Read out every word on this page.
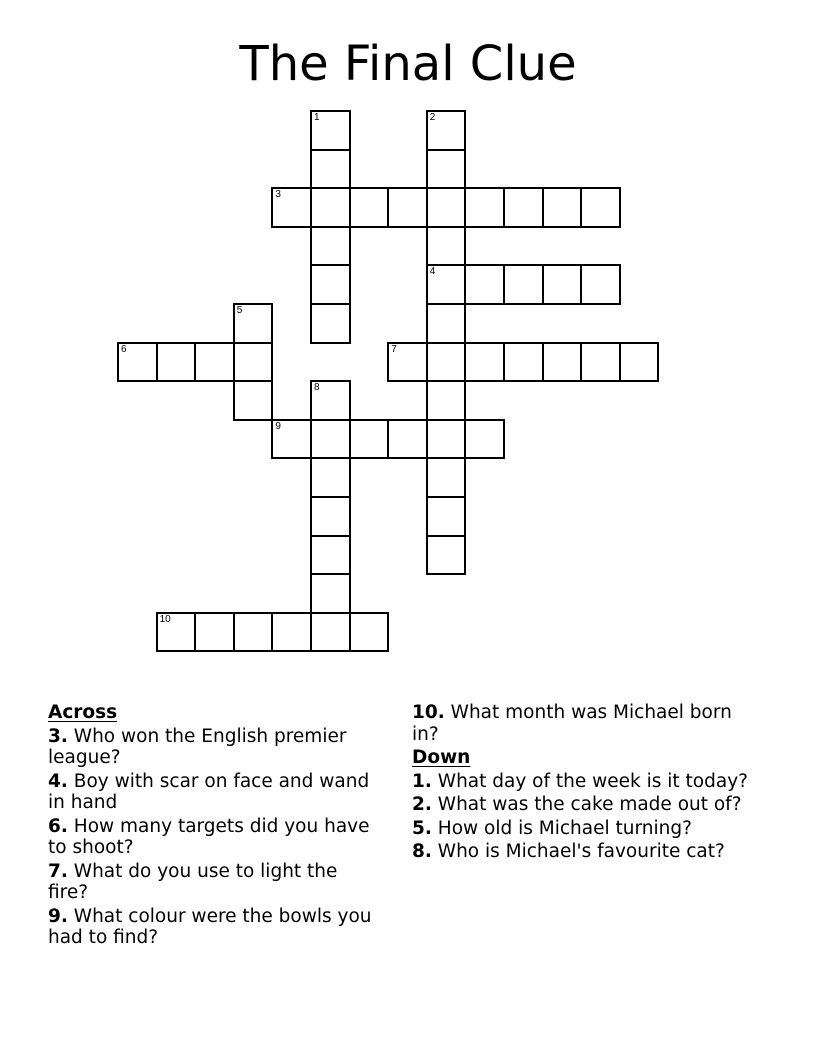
The Final Clue
1	2
4
3
5
6	7
8
9
10
Across
3. Who won the English premier league?
4. Boy with scar on face and wand in hand
6. How many targets did you have to shoot?
7. What do you use to light the fire?
9. What colour were the bowls you had to find?
10. What month was Michael born in?
Down
1. What day of the week is it today?
2. What was the cake made out of?
5. How old is Michael turning?
8. Who is Michael's favourite cat?
